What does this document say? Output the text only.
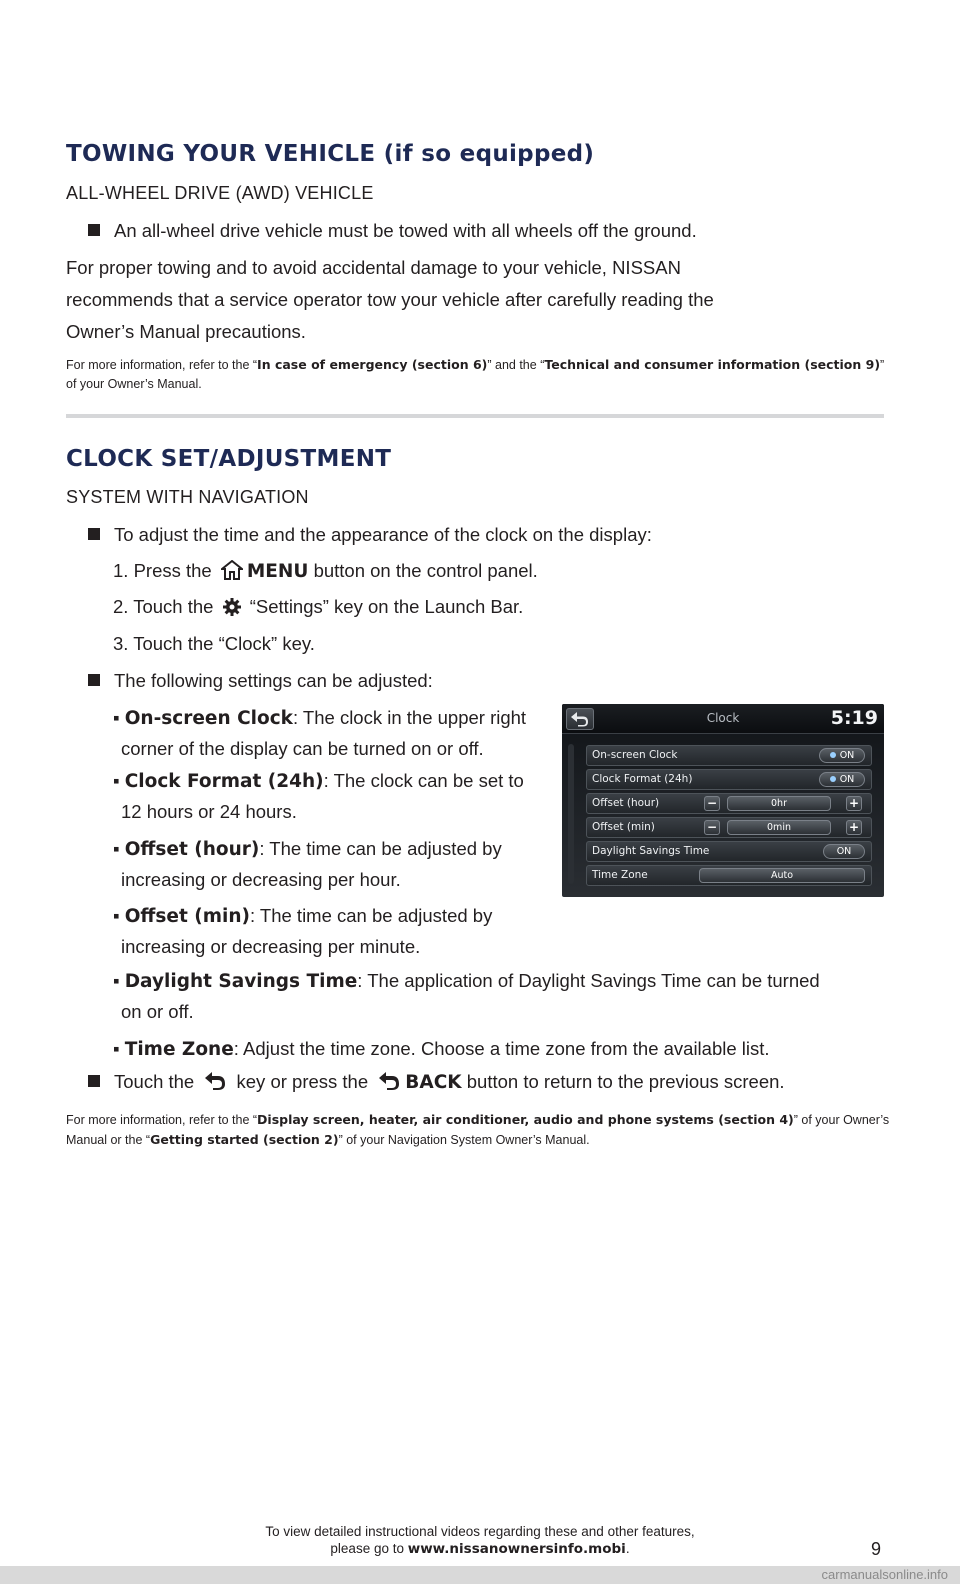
TOWING YOUR VEHICLE (if so equipped)
ALL-WHEEL DRIVE (AWD) VEHICLE
An all-wheel drive vehicle must be towed with all wheels off the ground.
For proper towing and to avoid accidental damage to your vehicle, NISSAN
recommends that a service operator tow your vehicle after carefully reading the
Owner’s Manual precautions.
For more information, refer to the “In case of emergency (section 6)” and the “Technical and consumer information (section 9)” of your Owner’s Manual.
CLOCK SET/ADJUSTMENT
SYSTEM WITH NAVIGATION
To adjust the time and the appearance of the clock on the display:
1. Press the MENU button on the control panel.
2. Touch the “Settings” key on the Launch Bar.
3. Touch the “Clock” key.
The following settings can be adjusted:
▪ On-screen Clock: The clock in the upper right
corner of the display can be turned on or off.
▪ Clock Format (24h): The clock can be set to
12 hours or 24 hours.
▪ Offset (hour): The time can be adjusted by
increasing or decreasing per hour.
▪ Offset (min): The time can be adjusted by
increasing or decreasing per minute.
▪ Daylight Savings Time: The application of Daylight Savings Time can be turned
on or off.
▪ Time Zone: Adjust the time zone. Choose a time zone from the available list.
Touch the key or press the BACK button to return to the previous screen.
For more information, refer to the “Display screen, heater, air conditioner, audio and phone systems (section 4)” of your Owner’s Manual or the “Getting started (section 2)” of your Navigation System Owner’s Manual.
Clock	5:19
On-screen Clock	ON
Clock Format (24h)	ON
Offset (hour)	−	0hr	+
Offset (min)	−	0min	+
Daylight Savings Time	ON
Time Zone	Auto
To view detailed instructional videos regarding these and other features,
please go to www.nissanownersinfo.mobi.	9
carmanualsonline.info
